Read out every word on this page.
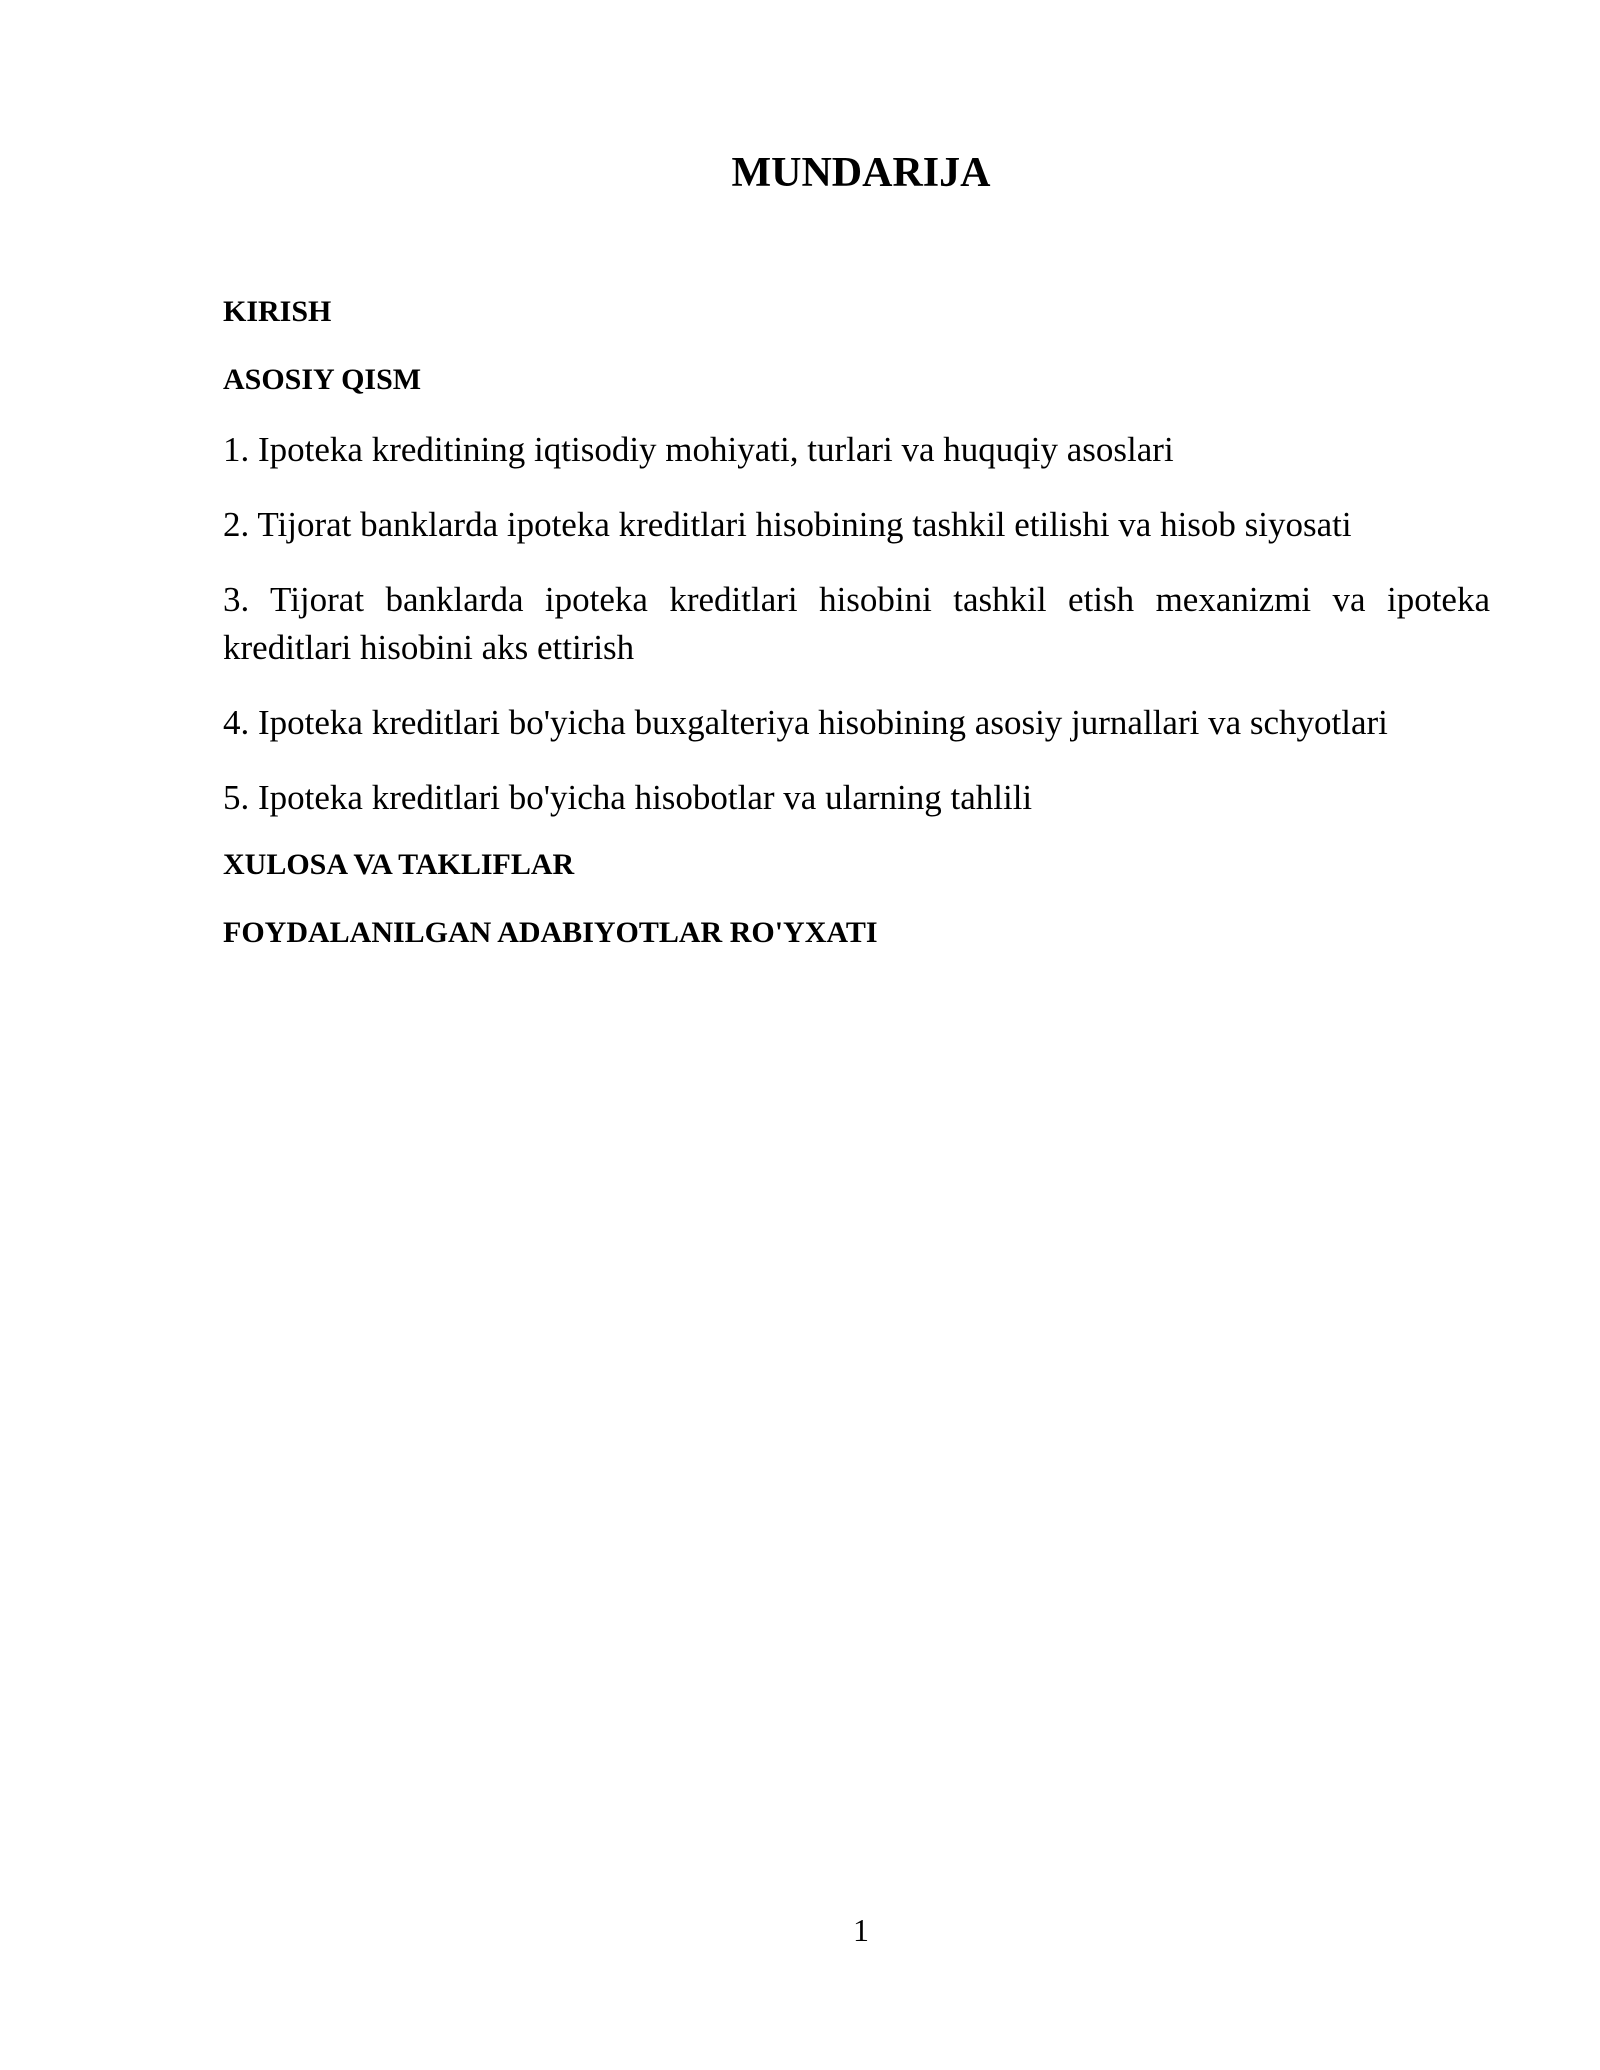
MUNDARIJA
KIRISH
ASOSIY QISM
1. Ipoteka kreditining iqtisodiy mohiyati, turlari va huquqiy asoslari
2. Tijorat banklarda ipoteka kreditlari hisobining tashkil etilishi va hisob siyosati
3. Tijorat banklarda ipoteka kreditlari hisobini tashkil etish mexanizmi va ipoteka kreditlari hisobini aks ettirish
4. Ipoteka kreditlari bo'yicha buxgalteriya hisobining asosiy jurnallari va schyotlari
5. Ipoteka kreditlari bo'yicha hisobotlar va ularning tahlili
XULOSA VA TAKLIFLAR
FOYDALANILGAN ADABIYOTLAR RO'YXATI
1
